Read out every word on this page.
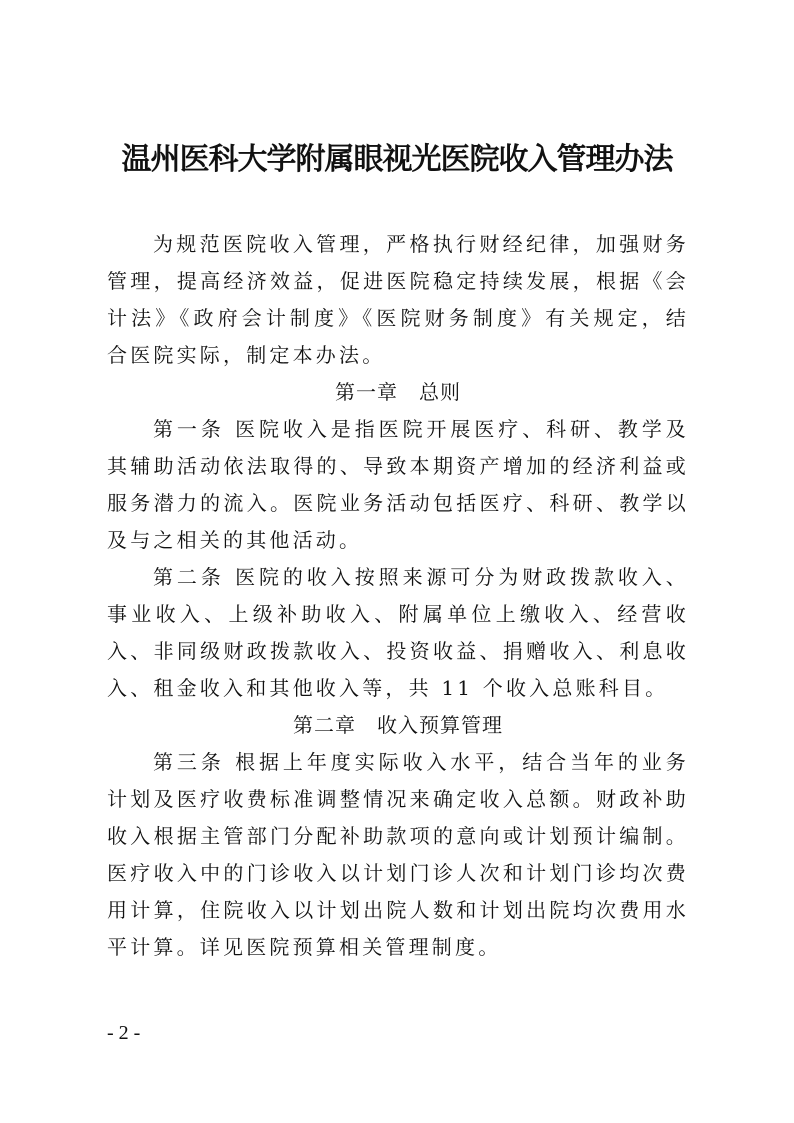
温州医科大学附属眼视光医院收入管理办法

为规范医院收入管理，严格执行财经纪律，加强财务管理，提高经济效益，促进医院稳定持续发展，根据《会计法》《政府会计制度》《医院财务制度》有关规定，结合医院实际，制定本办法。

第一章　总则

第一条 医院收入是指医院开展医疗、科研、教学及其辅助活动依法取得的、导致本期资产增加的经济利益或服务潜力的流入。医院业务活动包括医疗、科研、教学以及与之相关的其他活动。

第二条 医院的收入按照来源可分为财政拨款收入、事业收入、上级补助收入、附属单位上缴收入、经营收入、非同级财政拨款收入、投资收益、捐赠收入、利息收入、租金收入和其他收入等，共 11 个收入总账科目。

第二章　收入预算管理

第三条 根据上年度实际收入水平，结合当年的业务计划及医疗收费标准调整情况来确定收入总额。财政补助收入根据主管部门分配补助款项的意向或计划预计编制。医疗收入中的门诊收入以计划门诊人次和计划门诊均次费用计算，住院收入以计划出院人数和计划出院均次费用水平计算。详见医院预算相关管理制度。

- 2 -
